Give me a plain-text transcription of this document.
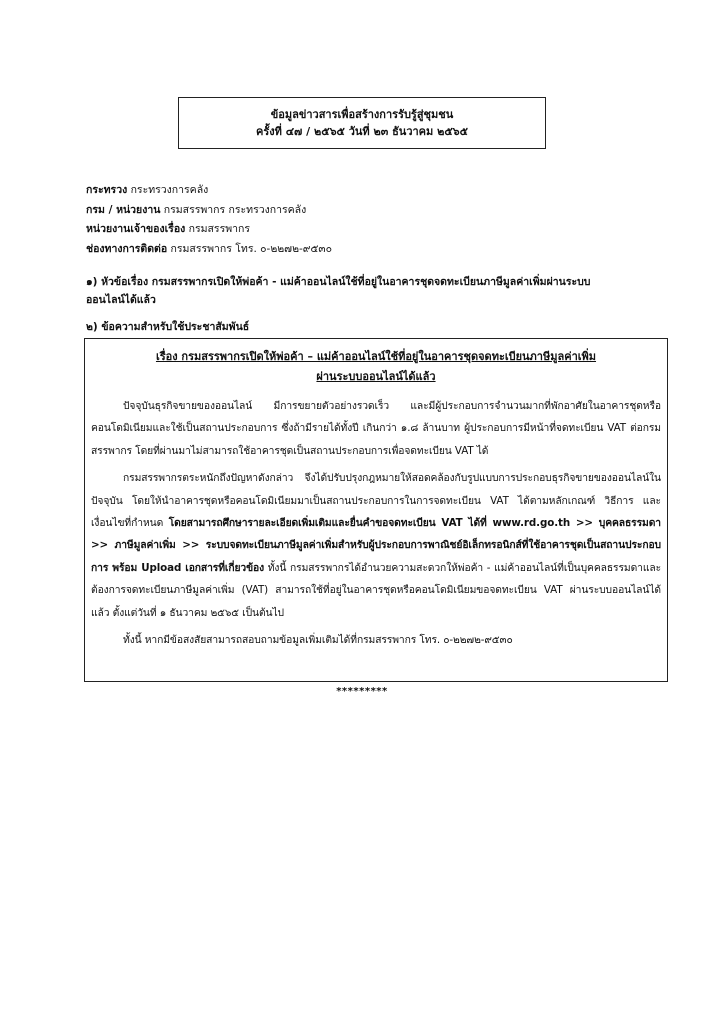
ข้อมูลข่าวสารเพื่อสร้างการรับรู้สู่ชุมชน
ครั้งที่ ๔๗ / ๒๕๖๕ วันที่ ๒๓ ธันวาคม ๒๕๖๕
กระทรวง กระทรวงการคลัง
กรม / หน่วยงาน กรมสรรพากร กระทรวงการคลัง
หน่วยงานเจ้าของเรื่อง กรมสรรพากร
ช่องทางการติดต่อ กรมสรรพากร โทร. ๐-๒๒๗๒-๙๕๓๐
๑) หัวข้อเรื่อง กรมสรรพากรเปิดให้พ่อค้า - แม่ค้าออนไลน์ใช้ที่อยู่ในอาคารชุดจดทะเบียนภาษีมูลค่าเพิ่มผ่านระบบ
ออนไลน์ได้แล้ว
๒) ข้อความสำหรับใช้ประชาสัมพันธ์
เรื่อง กรมสรรพากรเปิดให้พ่อค้า – แม่ค้าออนไลน์ใช้ที่อยู่ในอาคารชุดจดทะเบียนภาษีมูลค่าเพิ่ม
ผ่านระบบออนไลน์ได้แล้ว

ปัจจุบันธุรกิจขายของออนไลน์ มีการขยายตัวอย่างรวดเร็ว และมีผู้ประกอบการจำนวนมากที่พักอาศัยในอาคารชุดหรือคอนโดมิเนียมและใช้เป็นสถานประกอบการ ซึ่งถ้ามีรายได้ทั้งปี เกินกว่า ๑.๘ ล้านบาท ผู้ประกอบการมีหน้าที่จดทะเบียน VAT ต่อกรมสรรพากร โดยที่ผ่านมาไม่สามารถใช้อาคารชุดเป็นสถานประกอบการเพื่อจดทะเบียน VAT ได้

กรมสรรพากรตระหนักถึงปัญหาดังกล่าว จึงได้ปรับปรุงกฎหมายให้สอดคล้องกับรูปแบบการประกอบธุรกิจขายของออนไลน์ในปัจจุบัน โดยให้นำอาคารชุดหรือคอนโดมิเนียมมาเป็นสถานประกอบการในการจดทะเบียน VAT ได้ตามหลักเกณฑ์ วิธีการ และเงื่อนไขที่กำหนด โดยสามารถศึกษารายละเอียดเพิ่มเติมและยื่นคำขอจดทะเบียน VAT ได้ที่ www.rd.go.th >> บุคคลธรรมดา >> ภาษีมูลค่าเพิ่ม >> ระบบจดทะเบียนภาษีมูลค่าเพิ่มสำหรับผู้ประกอบการพาณิชย์อิเล็กทรอนิกส์ที่ใช้อาคารชุดเป็นสถานประกอบการ พร้อม Upload เอกสารที่เกี่ยวข้อง ทั้งนี้ กรมสรรพากรได้อำนวยความสะดวกให้พ่อค้า - แม่ค้าออนไลน์ที่เป็นบุคคลธรรมดาและต้องการจดทะเบียนภาษีมูลค่าเพิ่ม (VAT) สามารถใช้ที่อยู่ในอาคารชุดหรือคอนโดมิเนียมขอจดทะเบียน VAT ผ่านระบบออนไลน์ได้แล้ว ตั้งแต่วันที่ ๑ ธันวาคม ๒๕๖๕ เป็นต้นไป

ทั้งนี้ หากมีข้อสงสัยสามารถสอบถามข้อมูลเพิ่มเติมได้ที่กรมสรรพากร โทร. ๐-๒๒๗๒-๙๕๓๐

*********
